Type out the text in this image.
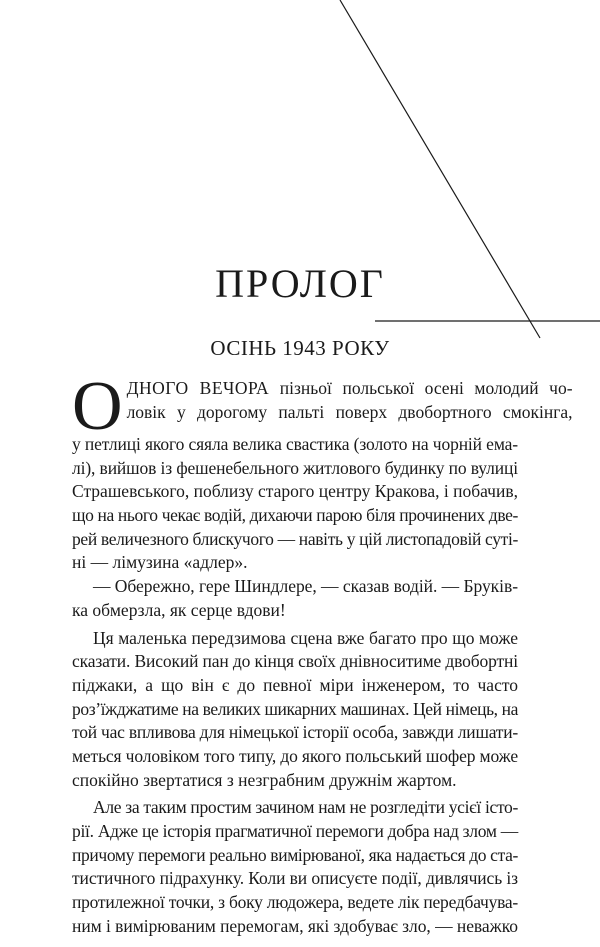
ПРОЛОГ
ОСІНЬ 1943 РОКУ
О ДНОГО ВЕЧОРА пізньої польської осені молодий чо-
ловік у дорогому пальті поверх двобортного смокінга,
у петлиці якого сяяла велика свастика (золото на чорній ема-
лі), вийшов із фешенебельного житлового будинку по вулиці
Страшевського, поблизу старого центру Кракова, і побачив,
що на нього чекає водій, дихаючи парою біля прочинених две-
рей величезного блискучого — навіть у цій листопадовій суті-
ні — лімузина «адлер».
— Обережно, гере Шиндлере, — сказав водій. — Бруків-
ка обмерзла, як серце вдови!
Ця маленька передзимова сцена вже багато про що може
сказати. Високий пан до кінця своїх днівноситиме двобортні
піджаки, а що він є до певної міри інженером, то часто
роз’їжджатиме на великих шикарних машинах. Цей німець, на
той час впливова для німецької історії особа, завжди лишати-
меться чоловіком того типу, до якого польський шофер може
спокійно звертатися з незграбним дружнім жартом.
Але за таким простим зачином нам не розгледіти усієї істо-
рії. Адже це історія прагматичної перемоги добра над злом —
причому перемоги реально вимірюваної, яка надається до ста-
тистичного підрахунку. Коли ви описуєте події, дивлячись із
протилежної точки, з боку людожера, ведете лік передбачува-
ним і вимірюваним перемогам, які здобуває зло, — неважко
